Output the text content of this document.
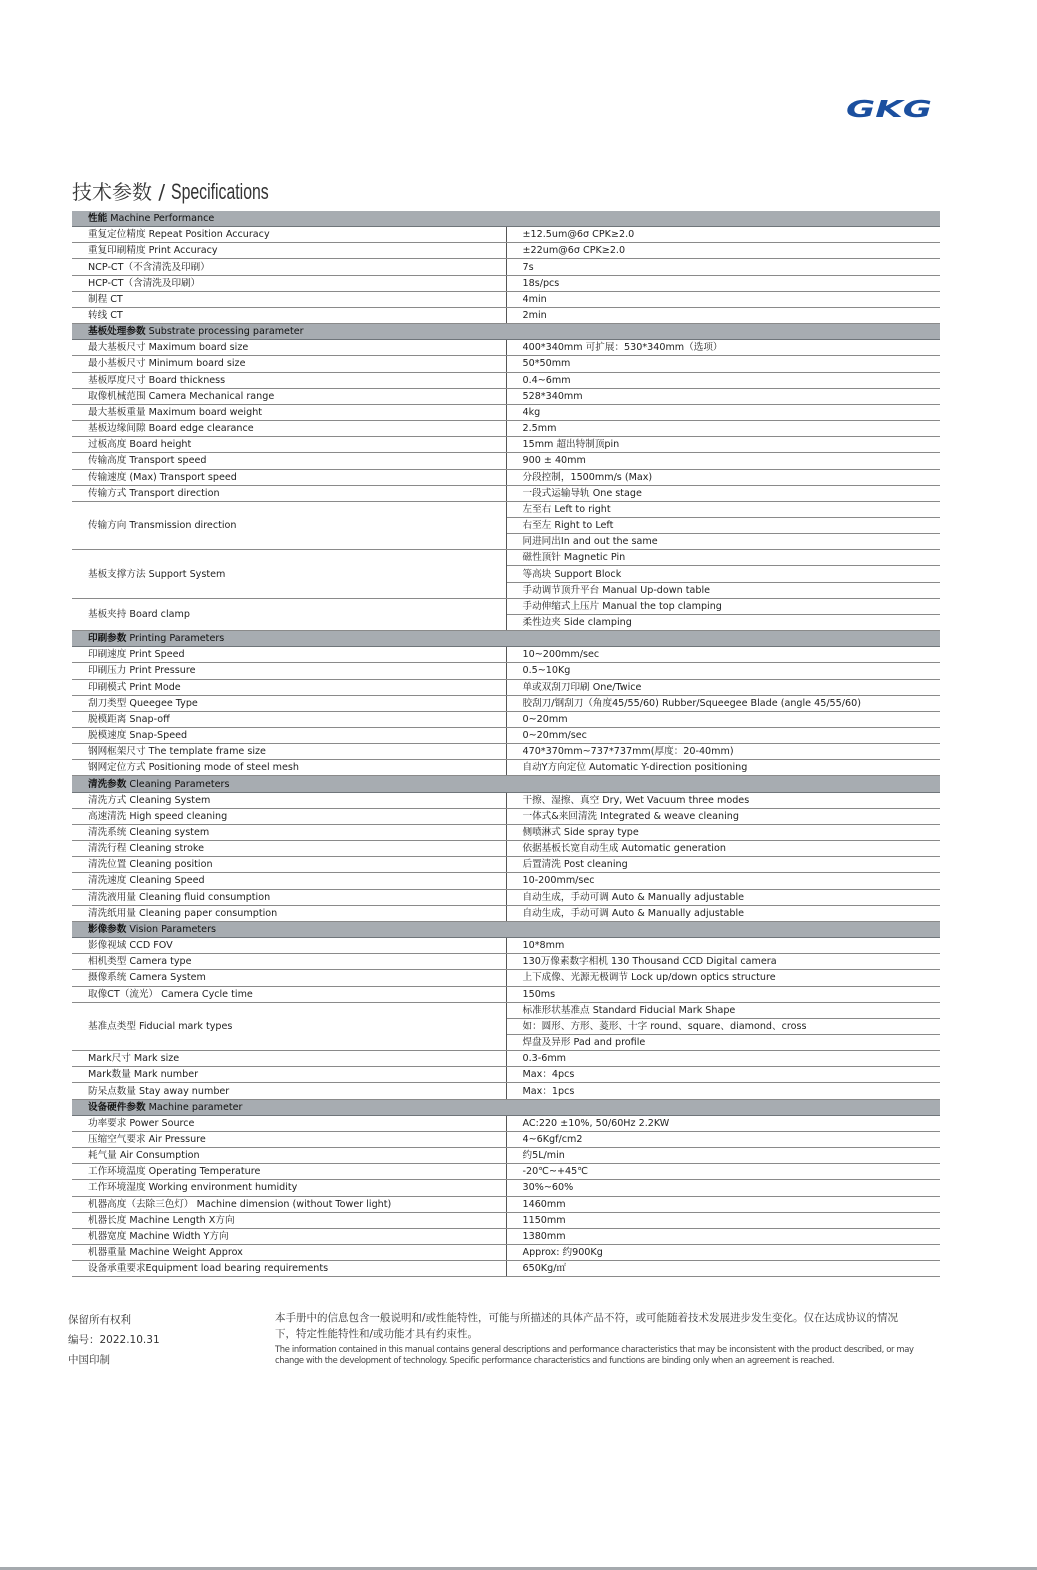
GKG
技术参数 / Specifications
性能 Machine Performance	
重复定位精度 Repeat Position Accuracy	±12.5um@6σ CPK≥2.0
重复印刷精度 Print Accuracy	±22um@6σ CPK≥2.0
NCP-CT（不含清洗及印刷）	7s
HCP-CT（含清洗及印刷）	18s/pcs
制程 CT	4min
转线 CT	2min
基板处理参数 Substrate processing parameter	
最大基板尺寸 Maximum board size	400*340mm 可扩展：530*340mm（选项）
最小基板尺寸 Minimum board size	50*50mm
基板厚度尺寸 Board thickness	0.4~6mm
取像机械范围 Camera Mechanical range	528*340mm
最大基板重量 Maximum board weight	4kg
基板边缘间隙 Board edge clearance	2.5mm
过板高度 Board height	15mm 超出特制顶pin
传输高度 Transport speed	900 ± 40mm
传输速度 (Max) Transport speed	分段控制，1500mm/s (Max)
传输方式 Transport direction	一段式运输导轨 One stage
传输方向 Transmission direction	左至右 Left to right
	右至左 Right to Left
	同进同出In and out the same
基板支撑方法 Support System	磁性顶针 Magnetic Pin
	等高块 Support Block
	手动调节顶升平台 Manual Up-down table
基板夹持 Board clamp	手动伸缩式上压片 Manual the top clamping
	柔性边夹 Side clamping
印刷参数 Printing Parameters	
印刷速度 Print Speed	10~200mm/sec
印刷压力 Print Pressure	0.5~10Kg
印刷模式 Print Mode	单或双刮刀印刷 One/Twice
刮刀类型 Queegee Type	胶刮刀/钢刮刀（角度45/55/60) Rubber/Squeegee Blade (angle 45/55/60)
脱模距离 Snap-off	0~20mm
脱模速度 Snap-Speed	0~20mm/sec
钢网框架尺寸 The template frame size	470*370mm~737*737mm(厚度：20-40mm)
钢网定位方式 Positioning mode of steel mesh	自动Y方向定位 Automatic Y-direction positioning
清洗参数 Cleaning Parameters	
清洗方式 Cleaning System	干擦、湿擦、真空 Dry, Wet Vacuum three modes
高速清洗 High speed cleaning	一体式&来回清洗 Integrated & weave cleaning
清洗系统 Cleaning system	侧喷淋式 Side spray type
清洗行程 Cleaning stroke	依据基板长宽自动生成 Automatic generation
清洗位置 Cleaning position	后置清洗 Post cleaning
清洗速度 Cleaning Speed	10-200mm/sec
清洗液用量 Cleaning fluid consumption	自动生成，手动可调 Auto & Manually adjustable
清洗纸用量 Cleaning paper consumption	自动生成，手动可调 Auto & Manually adjustable
影像参数 Vision Parameters	
影像视域 CCD FOV	10*8mm
相机类型 Camera type	130万像素数字相机 130 Thousand CCD Digital camera
摄像系统 Camera System	上下成像、光源无极调节 Lock up/down optics structure
取像CT（流光） Camera Cycle time	150ms
基准点类型 Fiducial mark types	标准形状基准点 Standard Fiducial Mark Shape
	如：圆形、方形、菱形、十字 round、square、diamond、cross
	焊盘及异形 Pad and profile
Mark尺寸 Mark size	0.3-6mm
Mark数量 Mark number	Max：4pcs
防呆点数量 Stay away number	Max：1pcs
设备硬件参数 Machine parameter	
功率要求 Power Source	AC:220 ±10%, 50/60Hz 2.2KW
压缩空气要求 Air Pressure	4~6Kgf/cm2
耗气量 Air Consumption	约5L/min
工作环境温度 Operating Temperature	-20℃~+45℃
工作环境湿度 Working environment humidity	30%~60%
机器高度（去除三色灯） Machine dimension (without Tower light)	1460mm
机器长度 Machine Length X方向	1150mm
机器宽度 Machine Width Y方向	1380mm
机器重量 Machine Weight Approx	Approx: 约900Kg
设备承重要求Equipment load bearing requirements	650Kg/㎡
保留所有权利
编号：2022.10.31
中国印制
本手册中的信息包含一般说明和/或性能特性，可能与所描述的具体产品不符，或可能随着技术发展进步发生变化。仅在达成协议的情况下，特定性能特性和/或功能才具有约束性。
The information contained in this manual contains general descriptions and performance characteristics that may be inconsistent with the product described, or may change with the development of technology. Specific performance characteristics and functions are binding only when an agreement is reached.
